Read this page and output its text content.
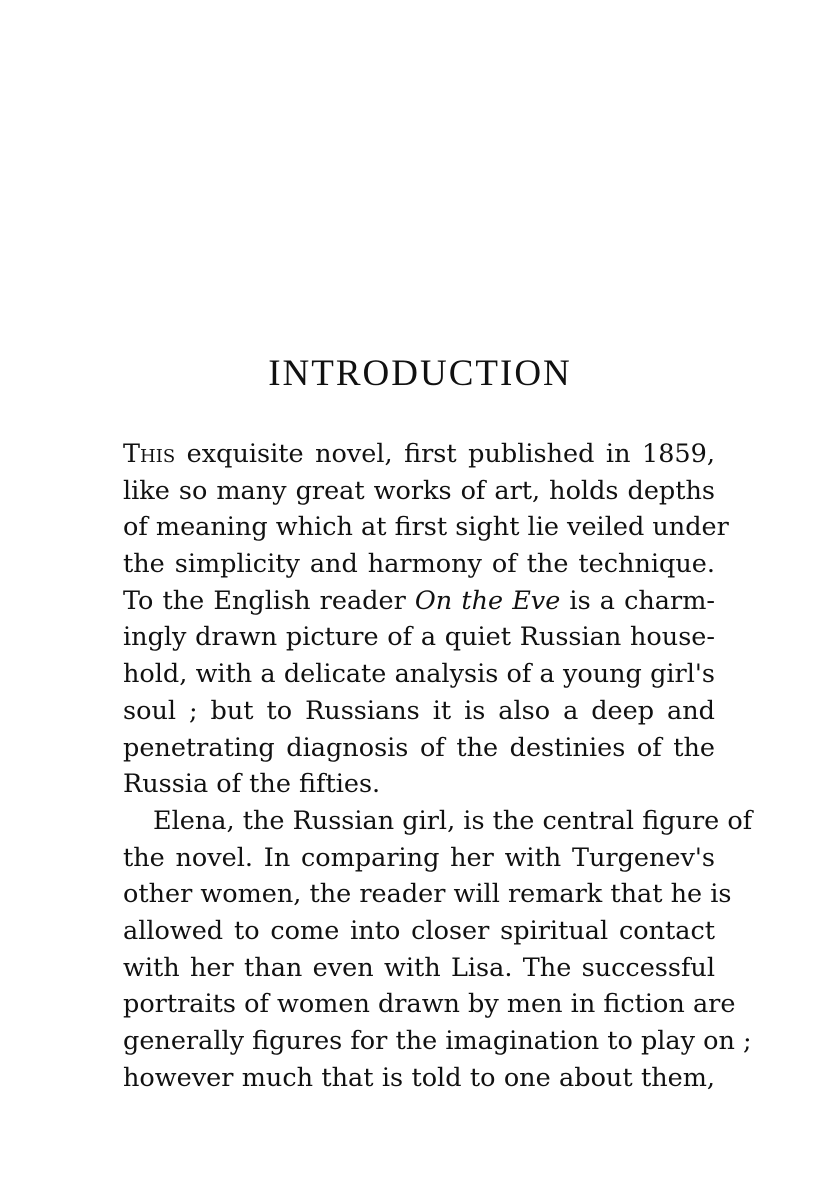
INTRODUCTION
This exquisite novel, first published in 1859,
like so many great works of art, holds depths
of meaning which at first sight lie veiled under
the simplicity and harmony of the technique.
To the English reader On the Eve is a charm-
ingly drawn picture of a quiet Russian house-
hold, with a delicate analysis of a young girl's
soul ; but to Russians it is also a deep and
penetrating diagnosis of the destinies of the
Russia of the fifties.
Elena, the Russian girl, is the central figure of
the novel. In comparing her with Turgenev's
other women, the reader will remark that he is
allowed to come into closer spiritual contact
with her than even with Lisa. The successful
portraits of women drawn by men in fiction are
generally figures for the imagination to play on ;
however much that is told to one about them,
